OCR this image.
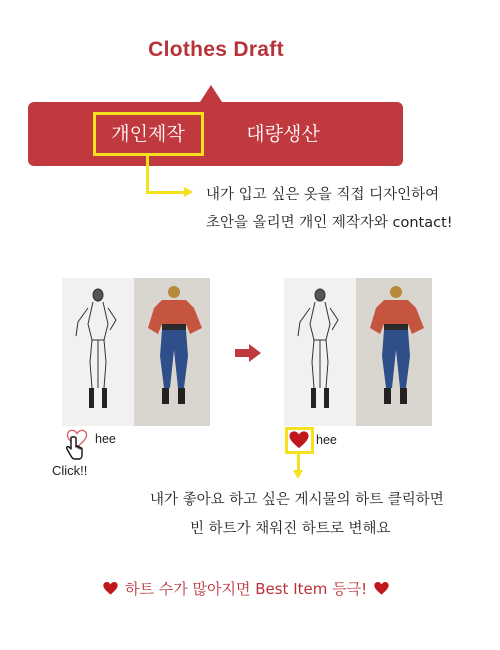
Clothes Draft
개인제작	대량생산
내가 입고 싶은 옷을 직접 디자인하여
초안을 올리면 개인 제작자와 contact!
hee
Click!!
hee
내가 좋아요 하고 싶은 게시물의 하트 클릭하면
빈 하트가 채워진 하트로 변해요
하트 수가 많아지면 Best Item 등극!
